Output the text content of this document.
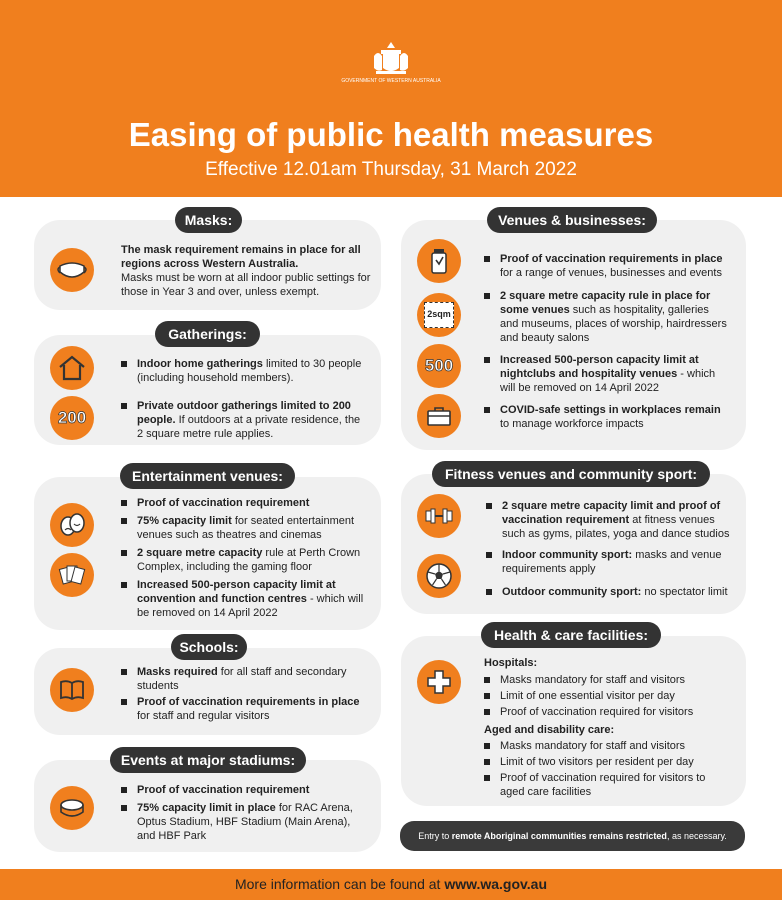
GOVERNMENT OF WESTERN AUSTRALIA
Easing of public health measures
Effective 12.01am Thursday, 31 March 2022
Masks:
The mask requirement remains in place for all regions across Western Australia.
Masks must be worn at all indoor public settings for those in Year 3 and over, unless exempt.
Gatherings:
200
Indoor home gatherings limited to 30 people (including household members).
Private outdoor gatherings limited to 200 people. If outdoors at a private residence, the 2 square metre rule applies.
Entertainment venues:
Proof of vaccination requirement
75% capacity limit for seated entertainment venues such as theatres and cinemas
2 square metre capacity rule at Perth Crown Complex, including the gaming floor
Increased 500-person capacity limit at convention and function centres - which will be removed on 14 April 2022
Schools:
Masks required for all staff and secondary students
Proof of vaccination requirements in place for staff and regular visitors
Events at major stadiums:
Proof of vaccination requirement
75% capacity limit in place for RAC Arena, Optus Stadium, HBF Stadium (Main Arena), and HBF Park
Venues & businesses:
2sqm
500
Proof of vaccination requirements in place for a range of venues, businesses and events
2 square metre capacity rule in place for some venues such as hospitality, galleries and museums, places of worship, hairdressers and beauty salons
Increased 500-person capacity limit at nightclubs and hospitality venues - which will be removed on 14 April 2022
COVID-safe settings in workplaces remain to manage workforce impacts
Fitness venues and community sport:
2 square metre capacity limit and proof of vaccination requirement at fitness venues such as gyms, pilates, yoga and dance studios
Indoor community sport: masks and venue requirements apply
Outdoor community sport: no spectator limit
Health & care facilities:
Hospitals:
Masks mandatory for staff and visitors
Limit of one essential visitor per day
Proof of vaccination required for visitors
Aged and disability care:
Masks mandatory for staff and visitors
Limit of two visitors per resident per day
Proof of vaccination required for visitors to aged care facilities
Entry to remote Aboriginal communities remains restricted, as necessary.
More information can be found at www.wa.gov.au
